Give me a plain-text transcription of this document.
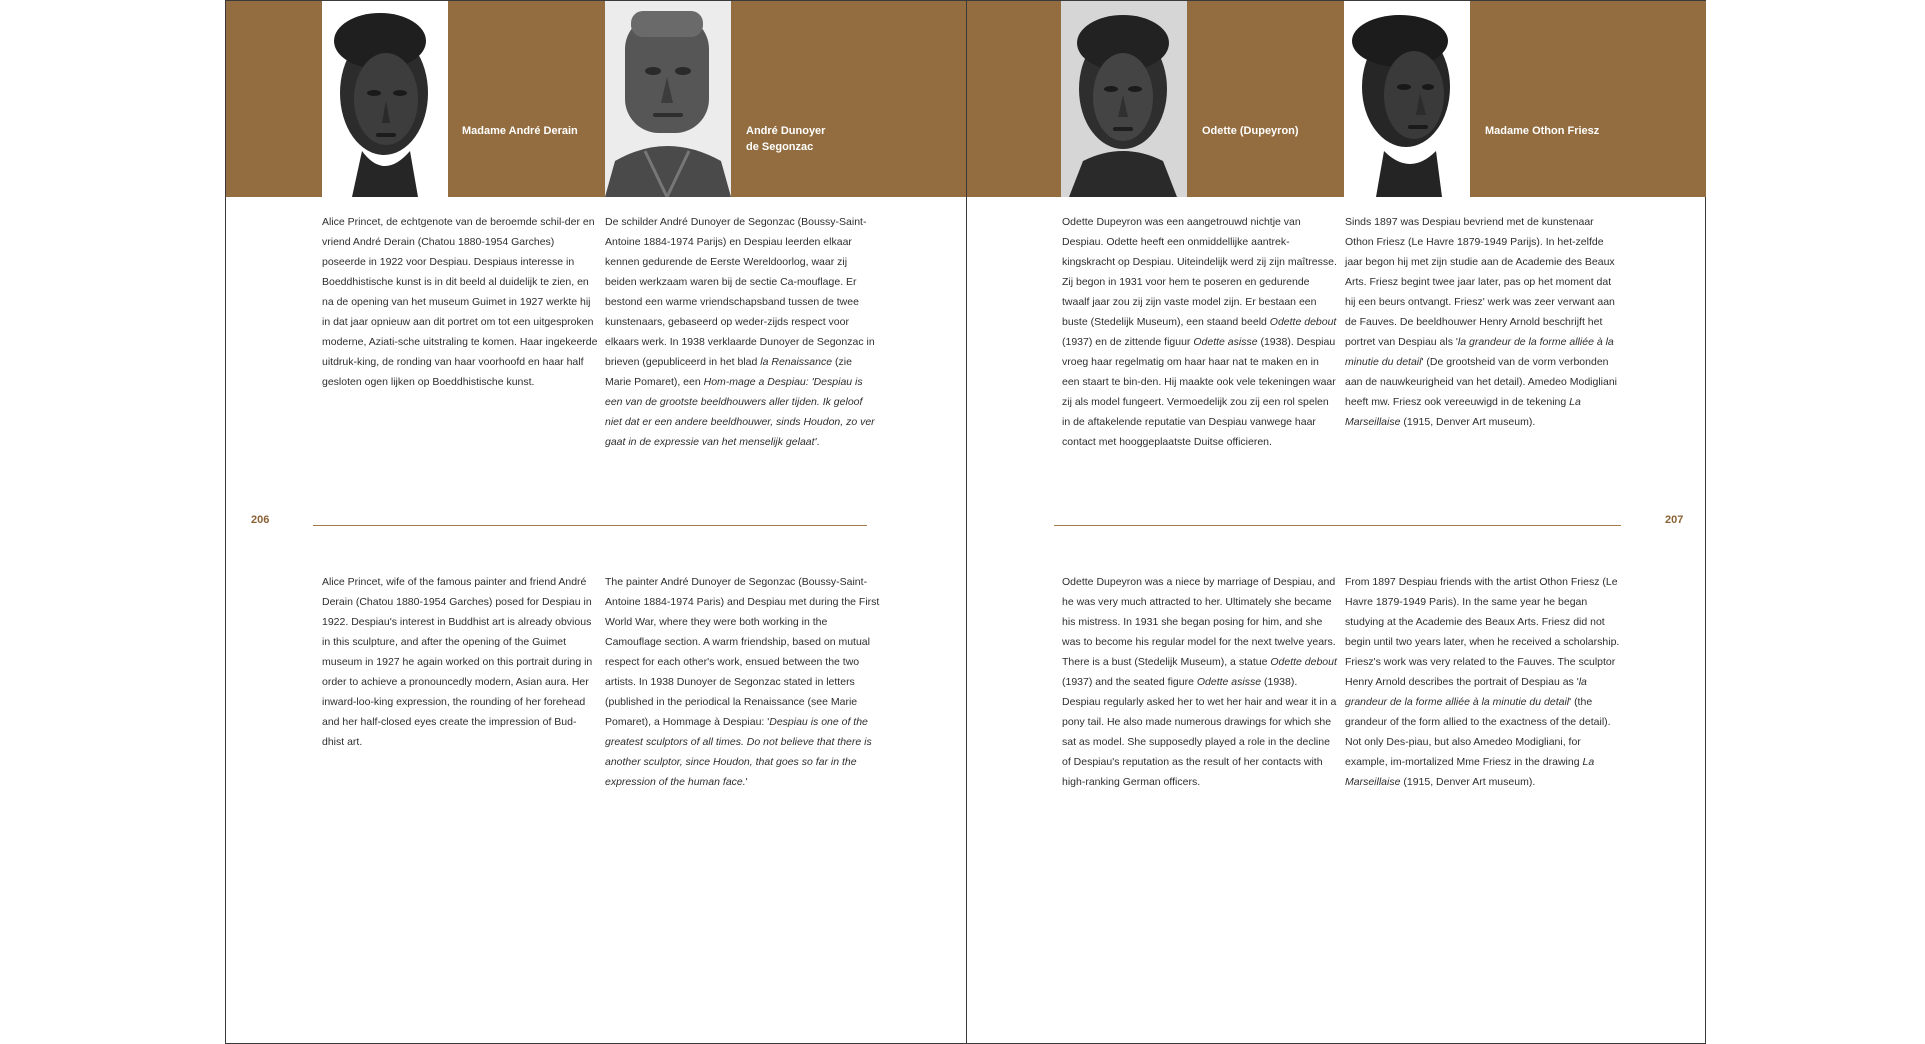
Madame André Derain	André Dunoyer
de Segonzac
Alice Princet, de echtgenote van de beroemde schil-der en vriend André Derain (Chatou 1880-1954 Garches) poseerde in 1922 voor Despiau. Despiaus interesse in Boeddhistische kunst is in dit beeld al duidelijk te zien, en na de opening van het museum Guimet in 1927 werkte hij in dat jaar opnieuw aan dit portret om tot een uitgesproken moderne, Aziati-sche uitstraling te komen. Haar ingekeerde uitdruk-king, de ronding van haar voorhoofd en haar half gesloten ogen lijken op Boeddhistische kunst.
De schilder André Dunoyer de Segonzac (Boussy-Saint-Antoine 1884-1974 Parijs) en Despiau leerden elkaar kennen gedurende de Eerste Wereldoorlog, waar zij beiden werkzaam waren bij de sectie Ca-mouflage. Er bestond een warme vriendschapsband tussen de twee kunstenaars, gebaseerd op weder-zijds respect voor elkaars werk. In 1938 verklaarde Dunoyer de Segonzac in brieven (gepubliceerd in het blad la Renaissance (zie Marie Pomaret), een Hom-mage a Despiau: 'Despiau is een van de grootste beeldhouwers aller tijden. Ik geloof niet dat er een andere beeldhouwer, sinds Houdon, zo ver gaat in de expressie van het menselijk gelaat'.
206
Alice Princet, wife of the famous painter and friend André Derain (Chatou 1880-1954 Garches) posed for Despiau in 1922. Despiau's interest in Buddhist art is already obvious in this sculpture, and after the opening of the Guimet museum in 1927 he again worked on this portrait during in order to achieve a pronouncedly modern, Asian aura. Her inward-loo-king expression, the rounding of her forehead and her half-closed eyes create the impression of Bud-dhist art.
The painter André Dunoyer de Segonzac (Boussy-Saint-Antoine 1884-1974 Paris) and Despiau met during the First World War, where they were both working in the Camouflage section. A warm friendship, based on mutual respect for each other's work, ensued between the two artists. In 1938 Dunoyer de Segonzac stated in letters (published in the periodical la Renaissance (see Marie Pomaret), a Hommage à Despiau: 'Despiau is one of the greatest sculptors of all times. Do not believe that there is another sculptor, since Houdon, that goes so far in the expression of the human face.'
Odette (Dupeyron)	Madame Othon Friesz
Odette Dupeyron was een aangetrouwd nichtje van Despiau. Odette heeft een onmiddellijke aantrek-kingskracht op Despiau. Uiteindelijk werd zij zijn maîtresse. Zij begon in 1931 voor hem te poseren en gedurende twaalf jaar zou zij zijn vaste model zijn. Er bestaan een buste (Stedelijk Museum), een staand beeld Odette debout (1937) en de zittende figuur Odette asisse (1938). Despiau vroeg haar regelmatig om haar haar nat te maken en in een staart te bin-den. Hij maakte ook vele tekeningen waar zij als model fungeert. Vermoedelijk zou zij een rol spelen in de aftakelende reputatie van Despiau vanwege haar contact met hooggeplaatste Duitse officieren.
Sinds 1897 was Despiau bevriend met de kunstenaar Othon Friesz (Le Havre 1879-1949 Parijs). In het-zelfde jaar begon hij met zijn studie aan de Academie des Beaux Arts. Friesz begint twee jaar later, pas op het moment dat hij een beurs ontvangt. Friesz' werk was zeer verwant aan de Fauves. De beeldhouwer Henry Arnold beschrijft het portret van Despiau als 'la grandeur de la forme alliée à la minutie du detail' (De grootsheid van de vorm verbonden aan de nauwkeurigheid van het detail). Amedeo Modigliani heeft mw. Friesz ook vereeuwigd in de tekening La Marseillaise (1915, Denver Art museum).
207
Odette Dupeyron was a niece by marriage of Despiau, and he was very much attracted to her. Ultimately she became his mistress. In 1931 she began posing for him, and she was to become his regular model for the next twelve years. There is a bust (Stedelijk Museum), a statue Odette debout (1937) and the seated figure Odette asisse (1938). Despiau regularly asked her to wet her hair and wear it in a pony tail. He also made numerous drawings for which she sat as model. She supposedly played a role in the decline of Despiau's reputation as the result of her contacts with high-ranking German officers.
From 1897 Despiau friends with the artist Othon Friesz (Le Havre 1879-1949 Paris). In the same year he began studying at the Academie des Beaux Arts. Friesz did not begin until two years later, when he received a scholarship. Friesz's work was very related to the Fauves. The sculptor Henry Arnold describes the portrait of Despiau as 'la grandeur de la forme alliée à la minutie du detail' (the grandeur of the form allied to the exactness of the detail). Not only Des-piau, but also Amedeo Modigliani, for example, im-mortalized Mme Friesz in the drawing La Marseillaise (1915, Denver Art museum).
